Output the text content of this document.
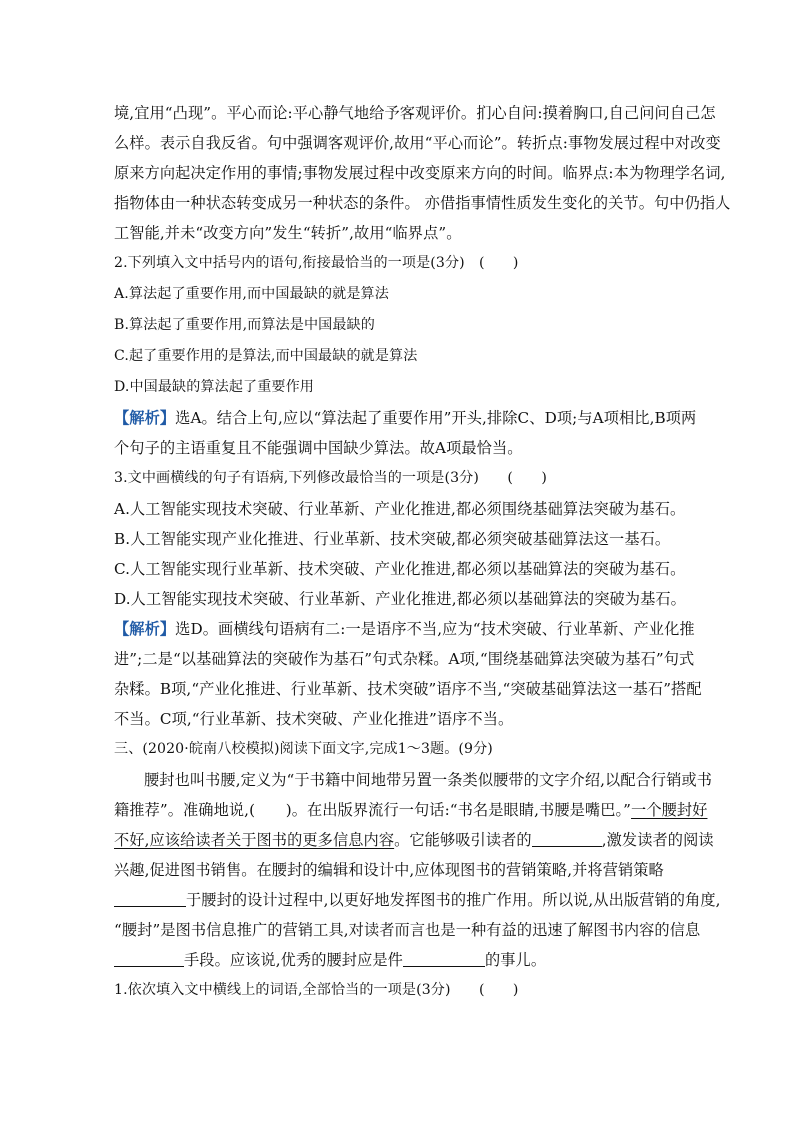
境,宜用“凸现”。平心而论:平心静气地给予客观评价。扪心自问:摸着胸口,自己问问自己怎

么样。表示自我反省。句中强调客观评价,故用“平心而论”。转折点:事物发展过程中对改变

原来方向起决定作用的事情;事物发展过程中改变原来方向的时间。临界点:本为物理学名词,

指物体由一种状态转变成另一种状态的条件。 亦借指事情性质发生变化的关节。句中仍指人

工智能,并未“改变方向”发生“转折”,故用“临界点”。

2.下列填入文中括号内的语句,衔接最恰当的一项是(3分)　(　　)

A.算法起了重要作用,而中国最缺的就是算法

B.算法起了重要作用,而算法是中国最缺的

C.起了重要作用的是算法,而中国最缺的就是算法

D.中国最缺的算法起了重要作用

【解析】选A。结合上句,应以“算法起了重要作用”开头,排除C、D项;与A项相比,B项两

个句子的主语重复且不能强调中国缺少算法。故A项最恰当。

3.文中画横线的句子有语病,下列修改最恰当的一项是(3分)　　(　　)

A.人工智能实现技术突破、行业革新、产业化推进,都必须围绕基础算法突破为基石。

B.人工智能实现产业化推进、行业革新、技术突破,都必须突破基础算法这一基石。

C.人工智能实现行业革新、技术突破、产业化推进,都必须以基础算法的突破为基石。

D.人工智能实现技术突破、行业革新、产业化推进,都必须以基础算法的突破为基石。

【解析】选D。画横线句语病有二:一是语序不当,应为“技术突破、行业革新、产业化推

进”;二是“以基础算法的突破作为基石”句式杂糅。A项,“围绕基础算法突破为基石”句式

杂糅。B项,“产业化推进、行业革新、技术突破”语序不当,“突破基础算法这一基石”搭配

不当。C项,“行业革新、技术突破、产业化推进”语序不当。

三、(2020·皖南八校模拟)阅读下面文字,完成1～3题。(9分)

腰封也叫书腰,定义为“于书籍中间地带另置一条类似腰带的文字介绍,以配合行销或书

籍推荐”。准确地说,(　　)。在出版界流行一句话:“书名是眼睛,书腰是嘴巴。”一个腰封好

不好,应该给读者关于图书的更多信息内容。它能够吸引读者的	,激发读者的阅读

兴趣,促进图书销售。在腰封的编辑和设计中,应体现图书的营销策略,并将营销策略

于腰封的设计过程中,以更好地发挥图书的推广作用。所以说,从出版营销的角度,

“腰封”是图书信息推广的营销工具,对读者而言也是一种有益的迅速了解图书内容的信息

手段。应该说,优秀的腰封应是件	的事儿。

1.依次填入文中横线上的词语,全部恰当的一项是(3分)　　(　　)
